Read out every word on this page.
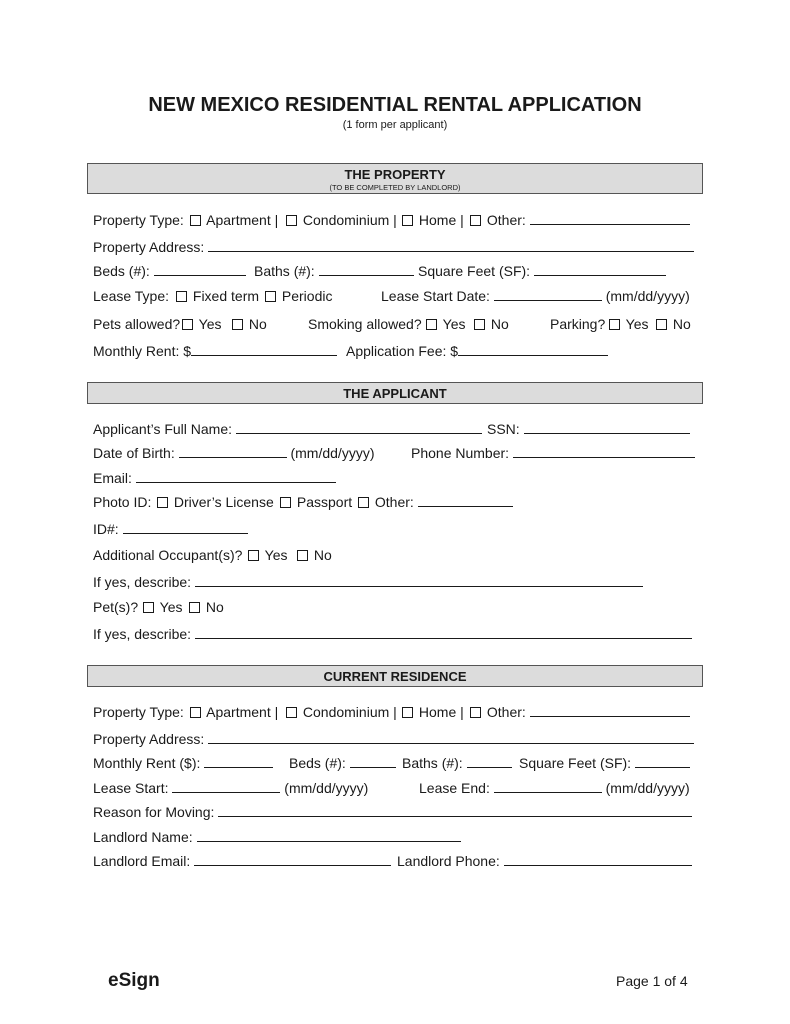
NEW MEXICO RESIDENTIAL RENTAL APPLICATION
(1 form per applicant)
THE PROPERTY
(TO BE COMPLETED BY LANDLORD)
Property Type:	Apartment |	Condominium |	Home |	Other:
Property Address:
Beds (#):	Baths (#):	Square Feet (SF):
Lease Type:	Fixed term	Periodic	Lease Start Date:	(mm/dd/yyyy)
Pets allowed?	Yes	No	Smoking allowed?	Yes	No	Parking?	Yes	No
Monthly Rent: $	Application Fee: $
THE APPLICANT
Applicant’s Full Name:	SSN:
Date of Birth:	(mm/dd/yyyy)	Phone Number:
Email:
Photo ID:	Driver’s License	Passport	Other:
ID#:
Additional Occupant(s)?	Yes	No
If yes, describe:
Pet(s)?	Yes	No
If yes, describe:
CURRENT RESIDENCE
Property Type:	Apartment |	Condominium |	Home |	Other:
Property Address:
Monthly Rent ($):	Beds (#):	Baths (#):	Square Feet (SF):
Lease Start:	(mm/dd/yyyy)	Lease End:	(mm/dd/yyyy)
Reason for Moving:
Landlord Name:
Landlord Email:	Landlord Phone:
eSign	Page 1 of 4
